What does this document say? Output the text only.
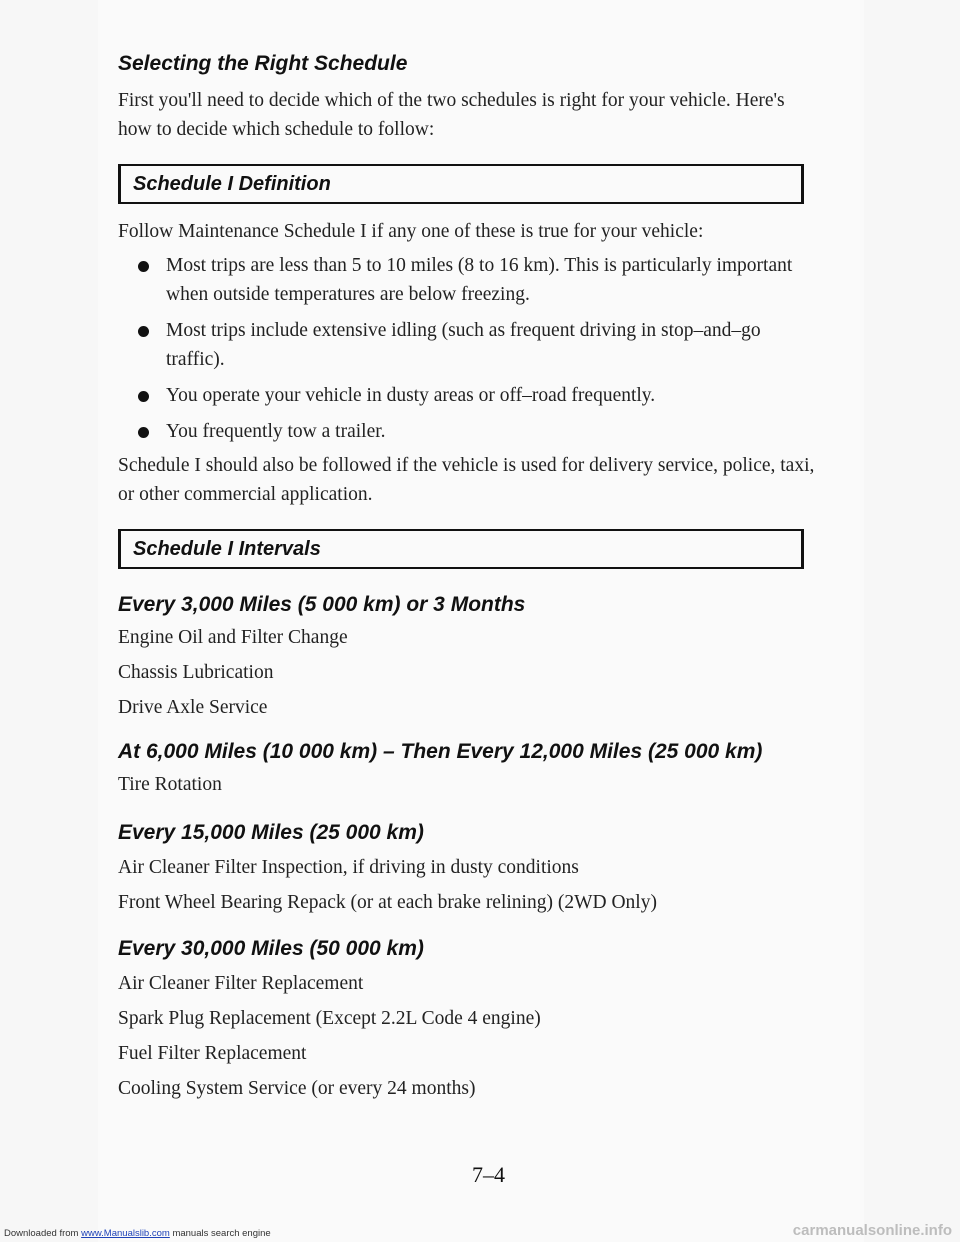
Selecting the Right Schedule

First you'll need to decide which of the two schedules is right for your vehicle. Here's how to decide which schedule to follow:

Schedule I Definition

Follow Maintenance Schedule I if any one of these is true for your vehicle:

Most trips are less than 5 to 10 miles (8 to 16 km). This is particularly important when outside temperatures are below freezing.
Most trips include extensive idling (such as frequent driving in stop–and–go traffic).
You operate your vehicle in dusty areas or off–road frequently.
You frequently tow a trailer.

Schedule I should also be followed if the vehicle is used for delivery service, police, taxi, or other commercial application.

Schedule I Intervals
Every 3,000 Miles (5 000 km) or 3 Months

Engine Oil and Filter Change

Chassis Lubrication

Drive Axle Service

At 6,000 Miles (10 000 km) – Then Every 12,000 Miles (25 000 km)

Tire Rotation

Every 15,000 Miles (25 000 km)

Air Cleaner Filter Inspection, if driving in dusty conditions

Front Wheel Bearing Repack (or at each brake relining) (2WD Only)

Every 30,000 Miles (50 000 km)

Air Cleaner Filter Replacement

Spark Plug Replacement (Except 2.2L Code 4 engine)

Fuel Filter Replacement

Cooling System Service (or every 24 months)

7–4
Downloaded from www.Manualslib.com manuals search engine	carmanualsonline.info
